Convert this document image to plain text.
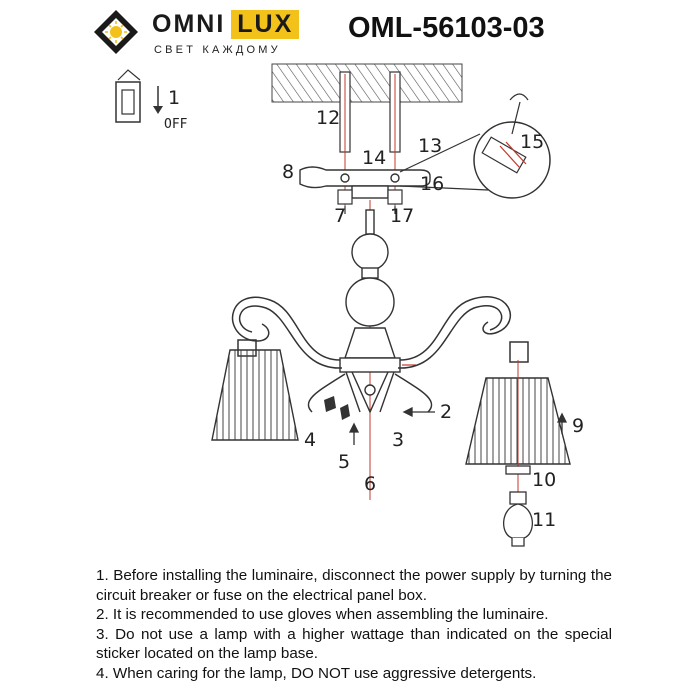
OMNI LUX
СВЕТ КАЖДОМУ
OML-56103-03
OFF
1
2
3
4
5
6
7
8
9
10
11
12
13
14
15
16
17

1. Before installing the luminaire, disconnect the power supply by turning the circuit breaker or fuse on the electrical panel box.

2. It is recommended to use gloves when assembling the luminaire.

3. Do not use a lamp with a higher wattage than indicated on the special sticker located on the lamp base.

4. When caring for the lamp, DO NOT use aggressive detergents.
